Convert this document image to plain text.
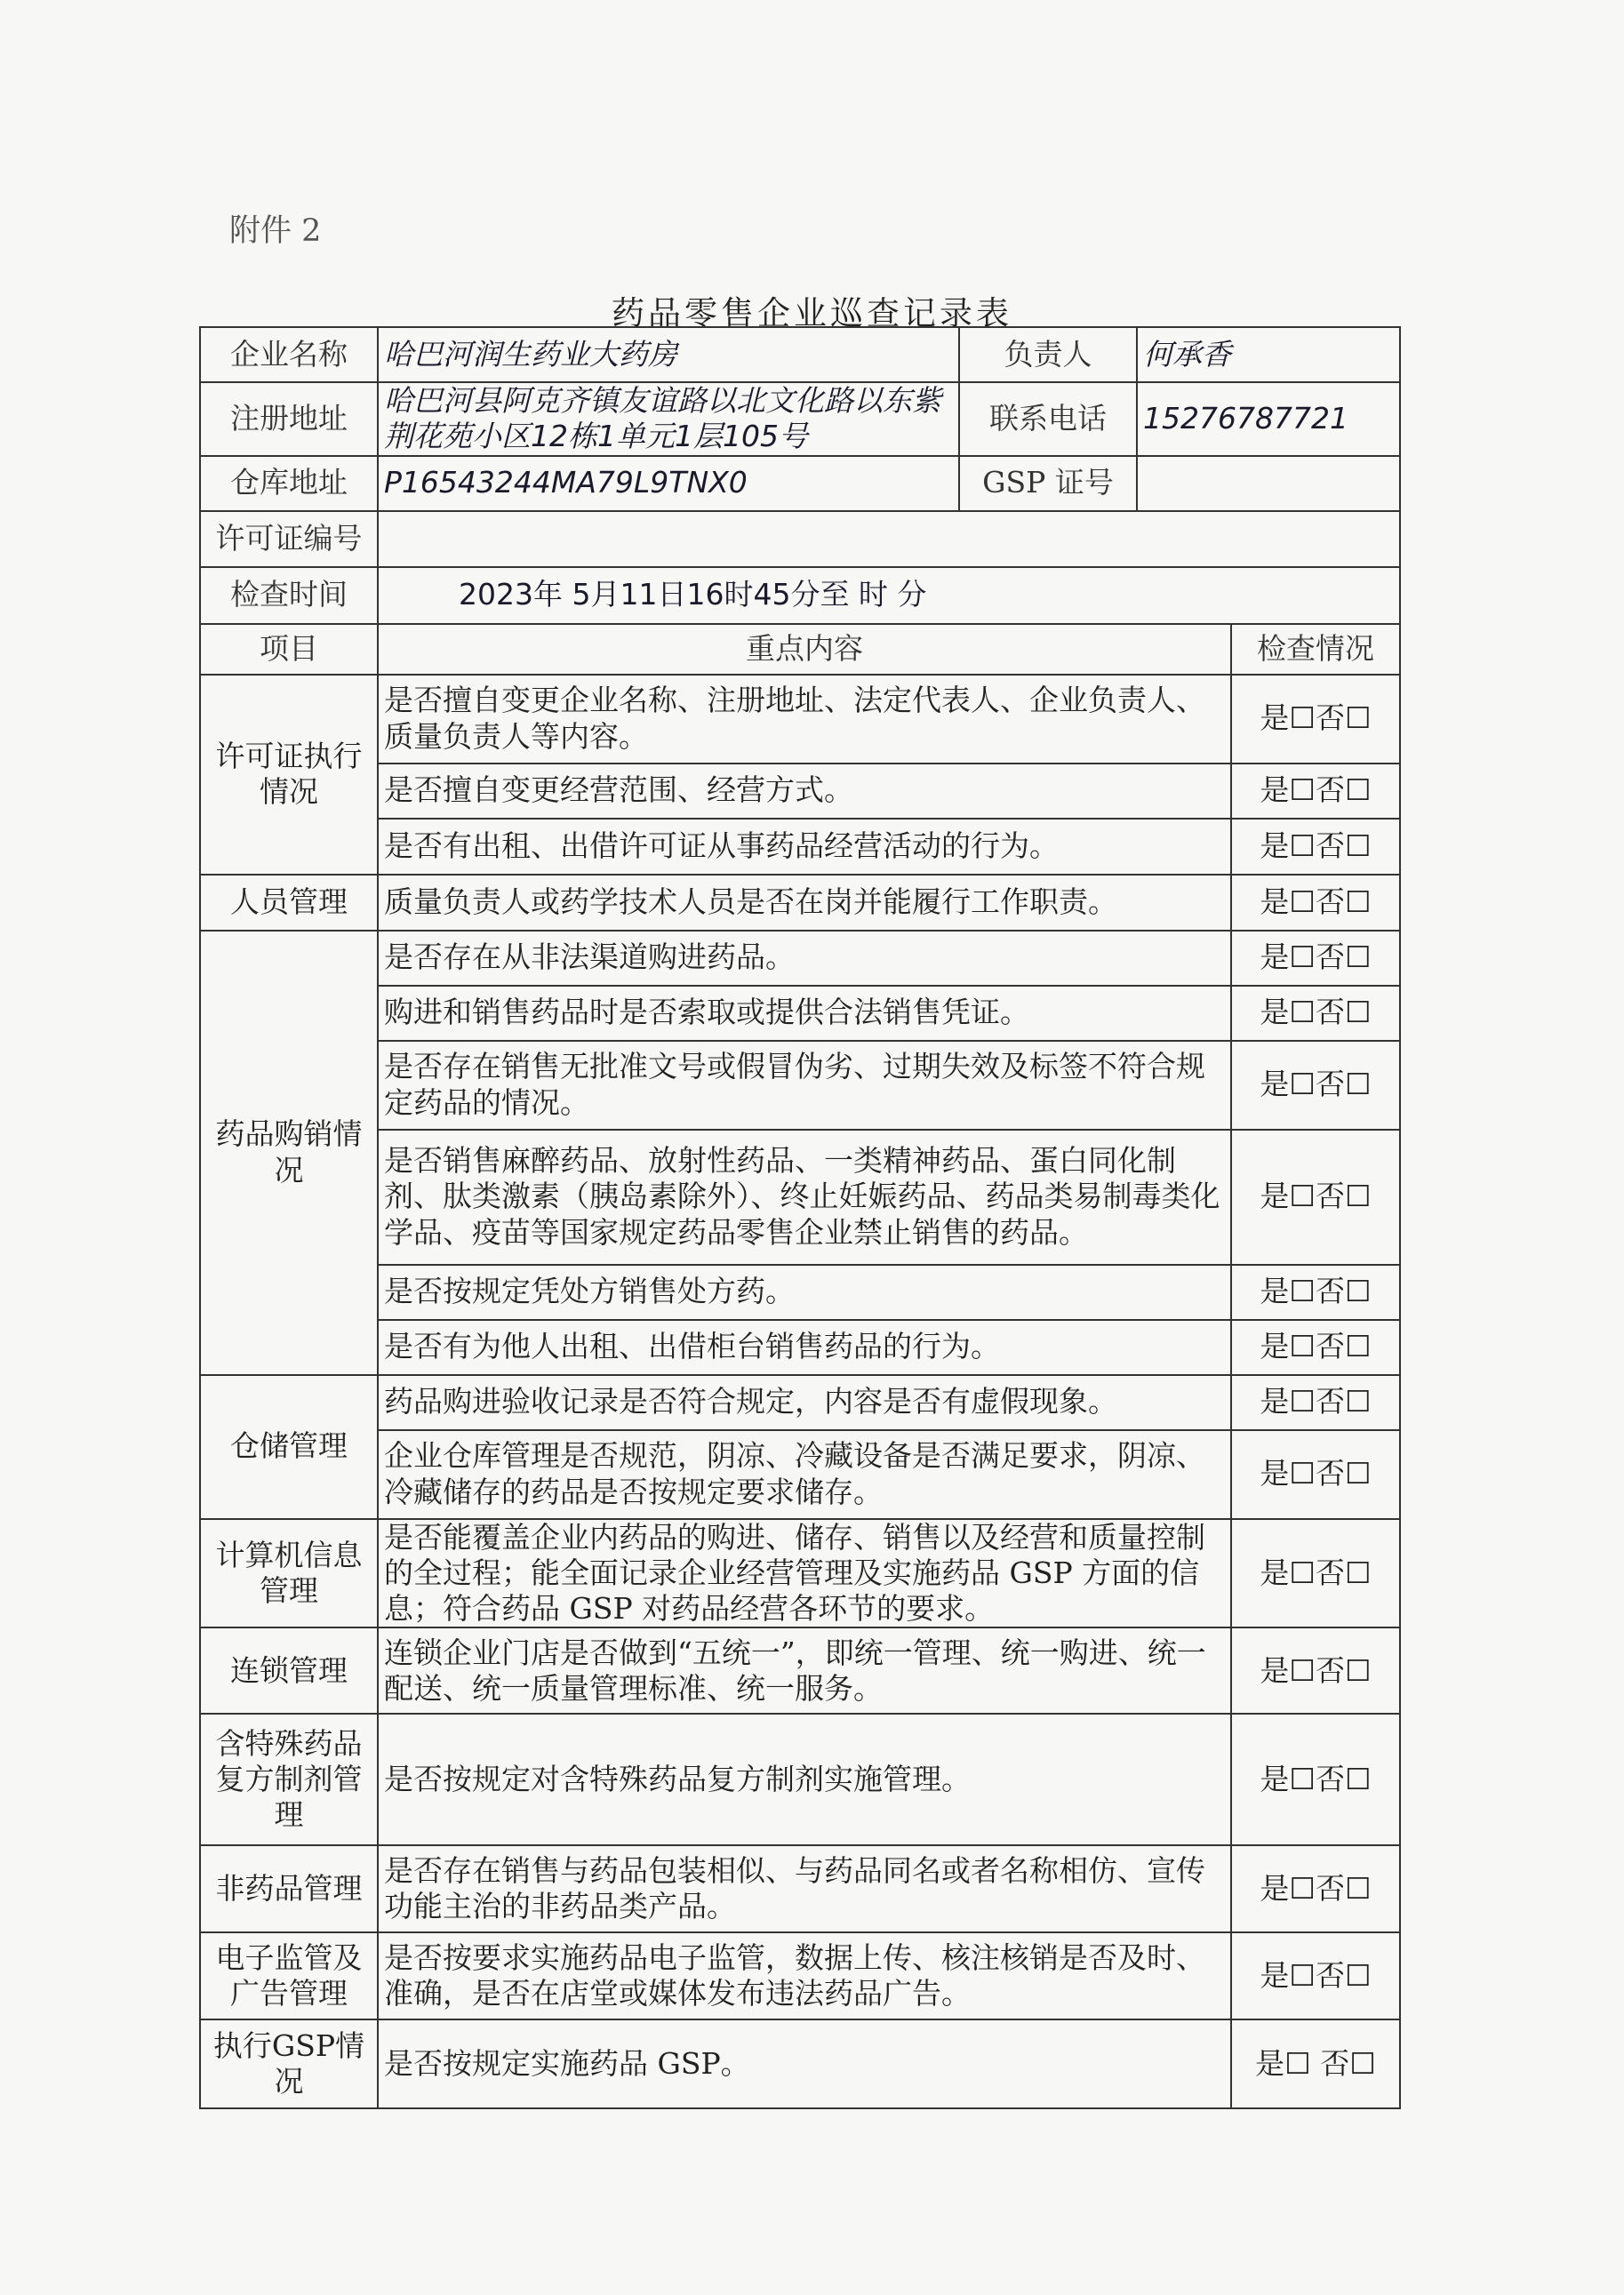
附件 2
药品零售企业巡查记录表
企业名称	哈巴河润生药业大药房	负责人	何承香	
注册地址	哈巴河县阿克齐镇友谊路以北文化路以东紫荆花苑小区12栋1单元1层105号	联系电话	15276787721	
仓库地址	P16543244MA79L9TNX0	GSP 证号		
许可证编号				
检查时间	2023年 5月11日16时45分至 时 分			
项目	重点内容			检查情况
许可证执行情况	是否擅自变更企业名称、注册地址、法定代表人、企业负责人、质量负责人等内容。			是☐否☐
	是否擅自变更经营范围、经营方式。			是☐否☐
	是否有出租、出借许可证从事药品经营活动的行为。			是☐否☐
人员管理	质量负责人或药学技术人员是否在岗并能履行工作职责。			是☐否☐
药品购销情况	是否存在从非法渠道购进药品。			是☐否☐
	购进和销售药品时是否索取或提供合法销售凭证。			是☐否☐
	是否存在销售无批准文号或假冒伪劣、过期失效及标签不符合规定药品的情况。			是☐否☐
	是否销售麻醉药品、放射性药品、一类精神药品、蛋白同化制剂、肽类激素（胰岛素除外）、终止妊娠药品、药品类易制毒类化学品、疫苗等国家规定药品零售企业禁止销售的药品。			是☐否☐
	是否按规定凭处方销售处方药。			是☐否☐
	是否有为他人出租、出借柜台销售药品的行为。			是☐否☐
仓储管理	药品购进验收记录是否符合规定，内容是否有虚假现象。			是☐否☐
	企业仓库管理是否规范，阴凉、冷藏设备是否满足要求，阴凉、冷藏储存的药品是否按规定要求储存。			是☐否☐
计算机信息管理	是否能覆盖企业内药品的购进、储存、销售以及经营和质量控制的全过程；能全面记录企业经营管理及实施药品 GSP 方面的信息；符合药品 GSP 对药品经营各环节的要求。			是☐否☐
连锁管理	连锁企业门店是否做到“五统一”，即统一管理、统一购进、统一配送、统一质量管理标准、统一服务。			是☐否☐
含特殊药品复方制剂管理	是否按规定对含特殊药品复方制剂实施管理。			是☐否☐
非药品管理	是否存在销售与药品包装相似、与药品同名或者名称相仿、宣传功能主治的非药品类产品。			是☐否☐
电子监管及广告管理	是否按要求实施药品电子监管，数据上传、核注核销是否及时、准确，是否在店堂或媒体发布违法药品广告。			是☐否☐
执行GSP情况	是否按规定实施药品 GSP。			是☐ 否☐
